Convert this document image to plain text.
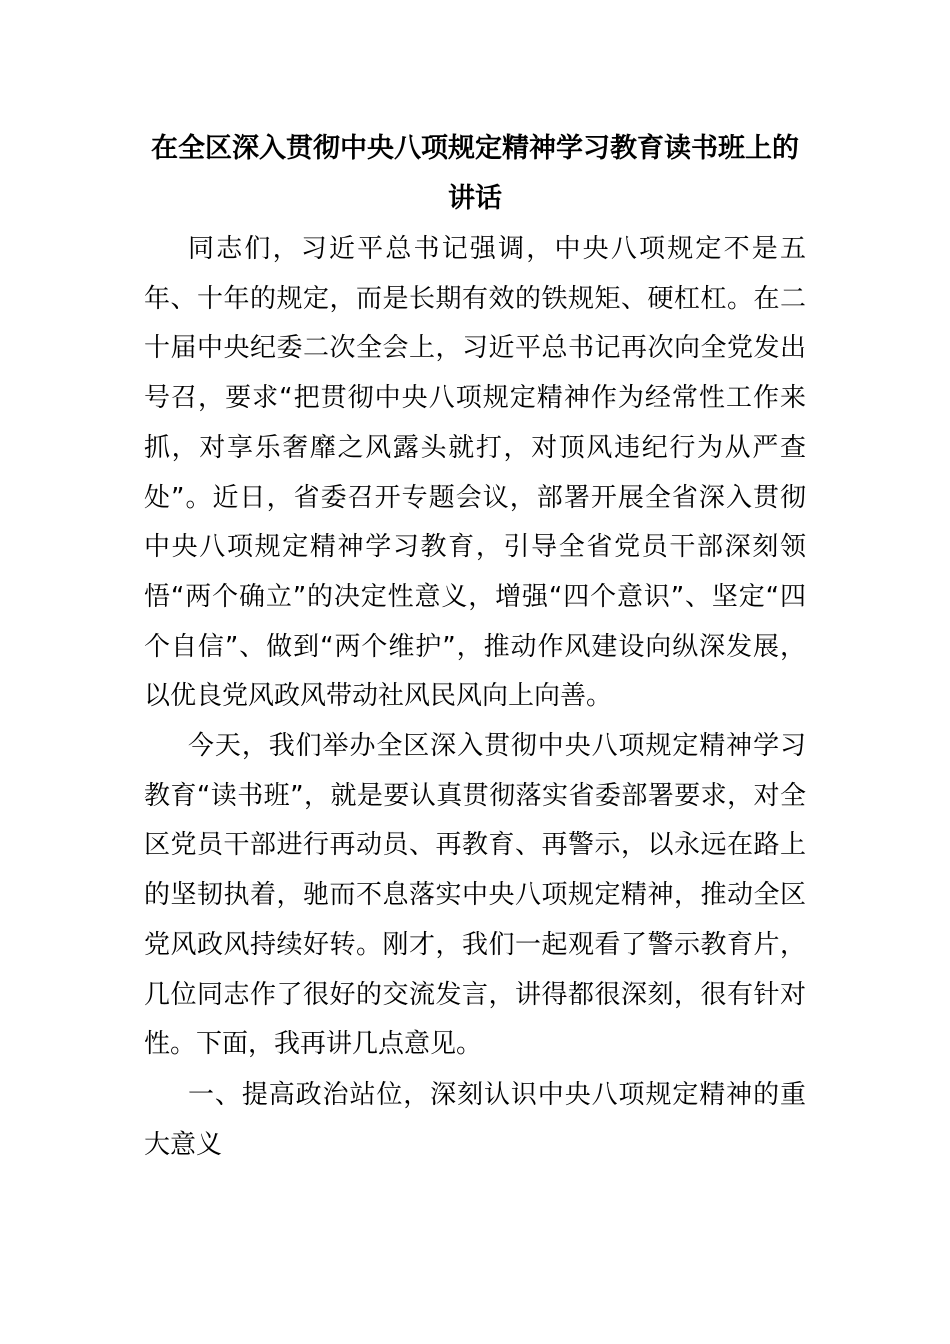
在全区深入贯彻中央八项规定精神学习教育读书班上的讲话

同志们，习近平总书记强调，中央八项规定不是五年、十年的规定，而是长期有效的铁规矩、硬杠杠。在二十届中央纪委二次全会上，习近平总书记再次向全党发出号召，要求“把贯彻中央八项规定精神作为经常性工作来抓，对享乐奢靡之风露头就打，对顶风违纪行为从严查处”。近日，省委召开专题会议，部署开展全省深入贯彻中央八项规定精神学习教育，引导全省党员干部深刻领悟“两个确立”的决定性意义，增强“四个意识”、坚定“四个自信”、做到“两个维护”，推动作风建设向纵深发展，以优良党风政风带动社风民风向上向善。

今天，我们举办全区深入贯彻中央八项规定精神学习教育“读书班”，就是要认真贯彻落实省委部署要求，对全区党员干部进行再动员、再教育、再警示，以永远在路上的坚韧执着，驰而不息落实中央八项规定精神，推动全区党风政风持续好转。刚才，我们一起观看了警示教育片，几位同志作了很好的交流发言，讲得都很深刻，很有针对性。下面，我再讲几点意见。

一、提高政治站位，深刻认识中央八项规定精神的重大意义
